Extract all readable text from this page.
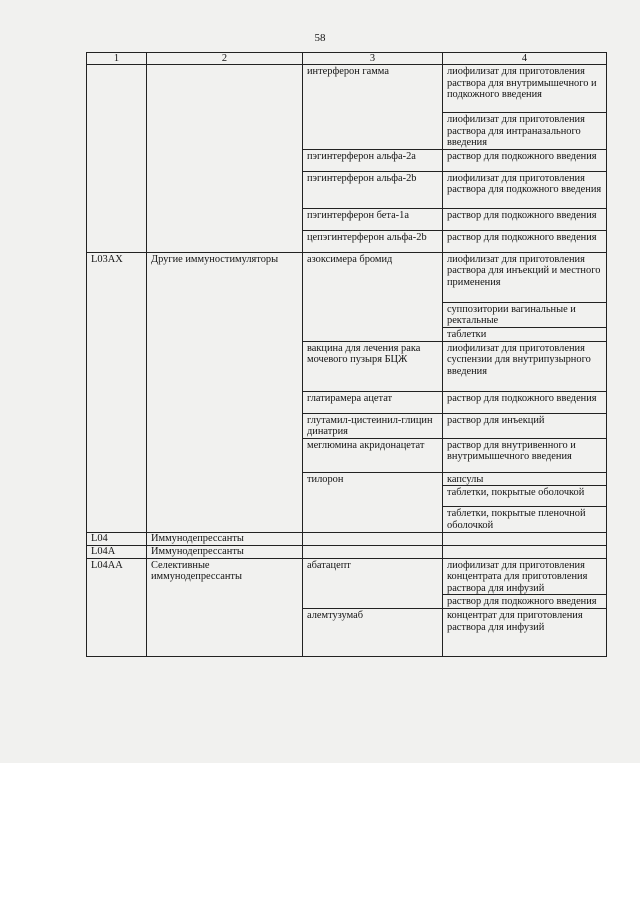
58
1	2	3	4
		интерферон гамма	лиофилизат для приготовления раствора для внутримышечного и подкожного введения
			лиофилизат для приготовления раствора для интраназального введения
		пэгинтерферон альфа-2a	раствор для подкожного введения
		пэгинтерферон альфа-2b	лиофилизат для приготовления раствора для подкожного введения
		пэгинтерферон бета-1a	раствор для подкожного введения
		цепэгинтерферон альфа-2b	раствор для подкожного введения
L03AX	Другие иммуностимуляторы	азоксимера бромид	лиофилизат для приготовления раствора для инъекций и местного применения
			суппозитории вагинальные и ректальные
			таблетки
		вакцина для лечения рака мочевого пузыря БЦЖ	лиофилизат для приготовления суспензии для внутрипузырного введения
		глатирамера ацетат	раствор для подкожного введения
		глутамил-цистеинил-глицин динатрия	раствор для инъекций
		меглюмина акридонацетат	раствор для внутривенного и внутримышечного введения
		тилорон	капсулы
			таблетки, покрытые оболочкой
			таблетки, покрытые пленочной оболочкой
L04	Иммунодепрессанты		
L04A	Иммунодепрессанты		
L04AA	Селективные иммунодепрессанты	абатацепт	лиофилизат для приготовления концентрата для приготовления раствора для инфузий
			раствор для подкожного введения
		алемтузумаб	концентрат для приготовления раствора для инфузий
